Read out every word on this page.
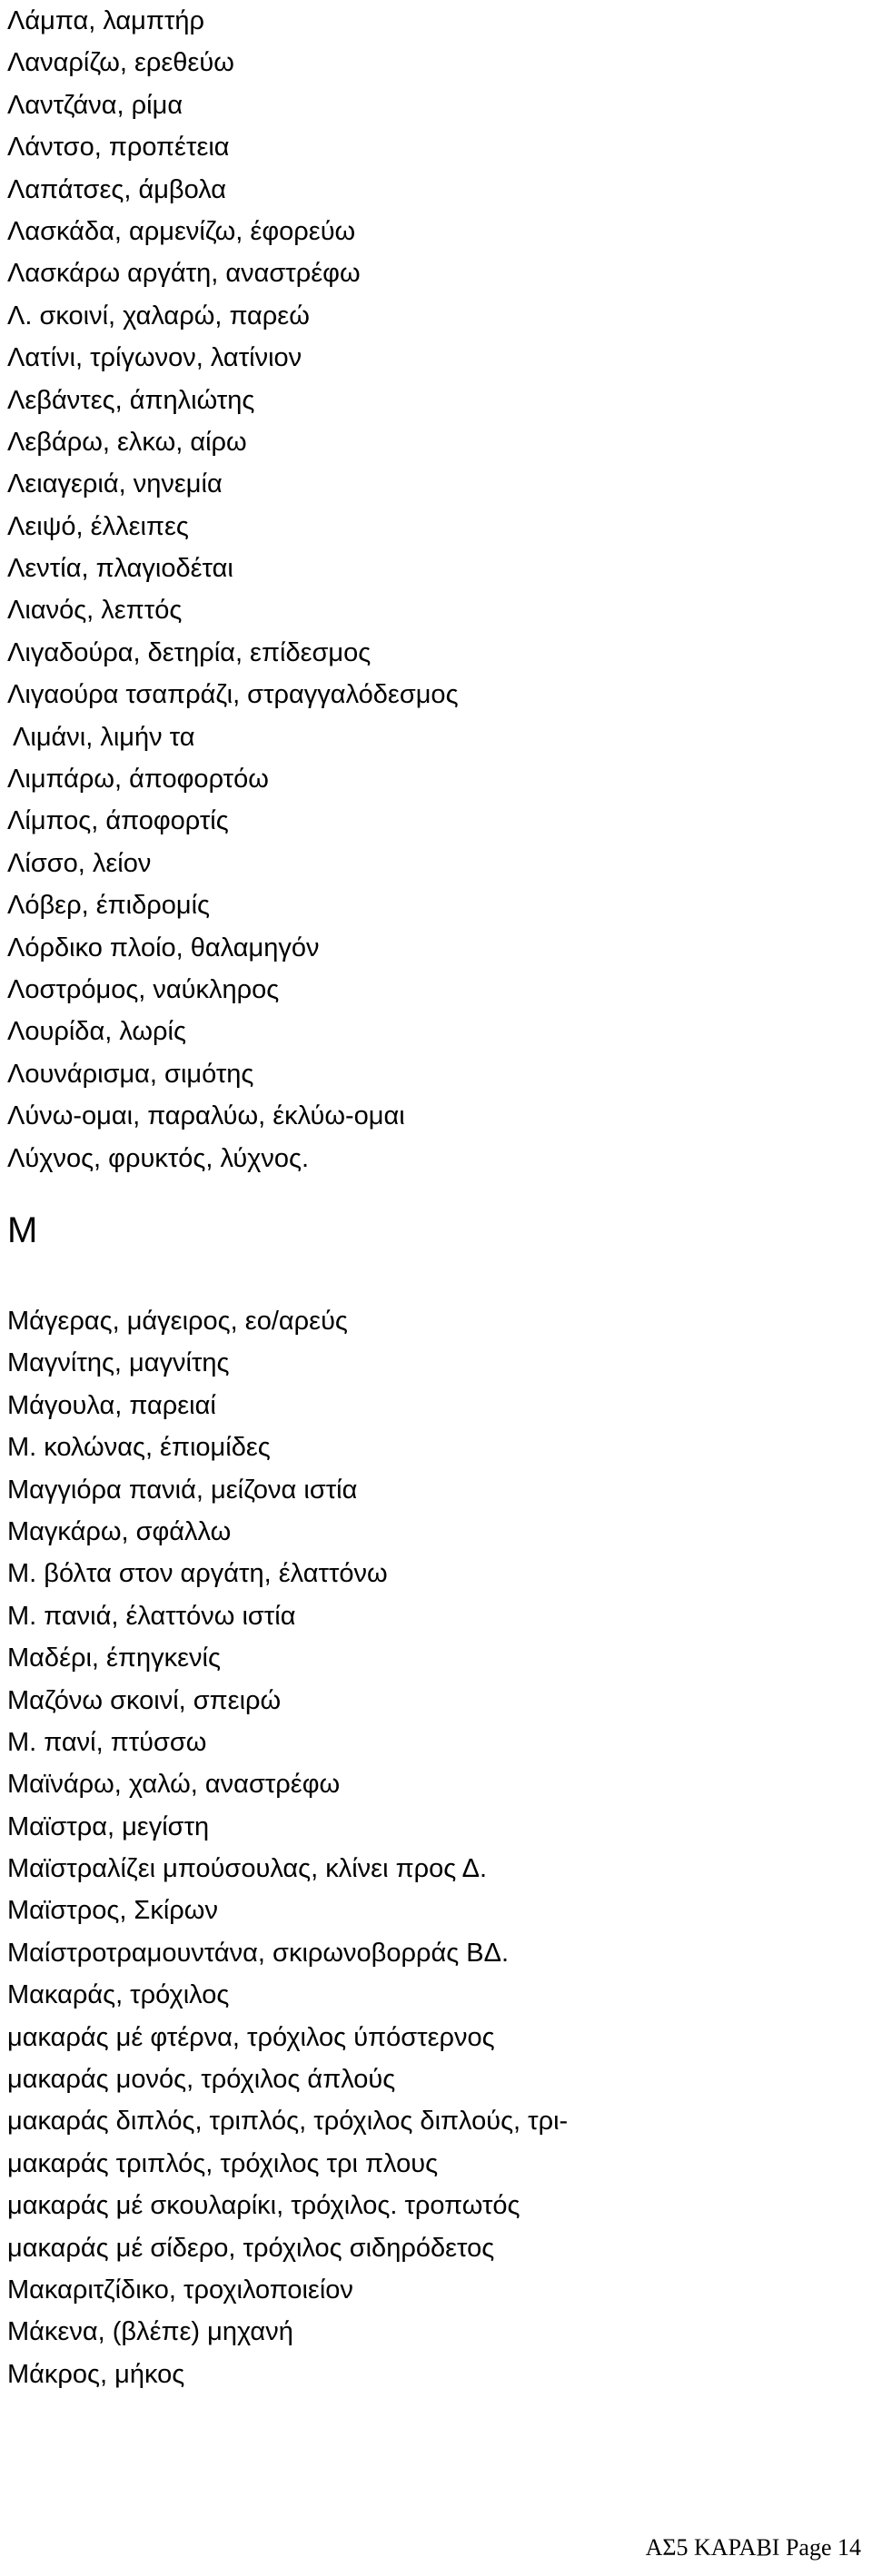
Λάμπα, λαμπτήρ
Λαναρίζω, ερεθεύω
Λαντζάνα, ρίμα
Λάντσο, προπέτεια
Λαπάτσες, άμβολα
Λασκάδα, αρμενίζω, έφορεύω
Λασκάρω αργάτη, αναστρέφω
Λ. σκοινί, χαλαρώ, παρεώ
Λατίνι, τρίγωνον, λατίνιον
Λεβάντες, άπηλιώτης
Λεβάρω, ελκω, αίρω
Λειαγεριά, νηνεμία
Λειψό, έλλειπες
Λεντία, πλαγιοδέται
Λιανός, λεπτός
Λιγαδούρα, δετηρία, επίδεσμος
Λιγαούρα τσαπράζι, στραγγαλόδεσμος
Λιμάνι, λιμήν τα
Λιμπάρω, άποφορτόω
Λίμπος, άποφορτίς
Λίσσο, λείον
Λόβερ, έπιδρομίς
Λόρδικο πλοίο, θαλαμηγόν
Λοστρόμος, ναύκληρος
Λουρίδα, λωρίς
Λουνάρισμα, σιμότης
Λύνω-ομαι, παραλύω, έκλύω-ομαι
Λύχνος, φρυκτός, λύχνος.
Μ
Μάγερας, μάγειρος, εο/αρεύς
Μαγνίτης, μαγνίτης
Μάγουλα, παρειαί
Μ. κολώνας, έπιομίδες
Μαγγιόρα πανιά, μείζονα ιστία
Μαγκάρω, σφάλλω
Μ. βόλτα στον αργάτη, έλαττόνω
Μ. πανιά, έλαττόνω ιστία
Μαδέρι, έπηγκενίς
Μαζόνω σκοινί, σπειρώ
Μ. πανί, πτύσσω
Μαϊνάρω, χαλώ, αναστρέφω
Μαϊστρα, μεγίστη
Μαϊστραλίζει μπούσουλας, κλίνει προς Δ.
Μαϊστρος, Σκίρων
Μαίστροτραμουντάνα, σκιρωνοβορράς ΒΔ.
Μακαράς, τρόχιλος
μακαράς μέ φτέρνα, τρόχιλος ύπόστερνος
μακαράς μονός, τρόχιλος άπλούς
μακαράς διπλός, τριπλός, τρόχιλος διπλούς, τρι-
μακαράς τριπλός, τρόχιλος τρι πλους
μακαράς μέ σκουλαρίκι, τρόχιλος. τροπωτός
μακαράς μέ σίδερο, τρόχιλος σιδηρόδετος
Μακαριτζίδικο, τροχιλοποιείον
Μάκενα, (βλέπε) μηχανή
Μάκρος, μήκος
ΑΣ5 ΚΑΡΑΒΙ Page 14
